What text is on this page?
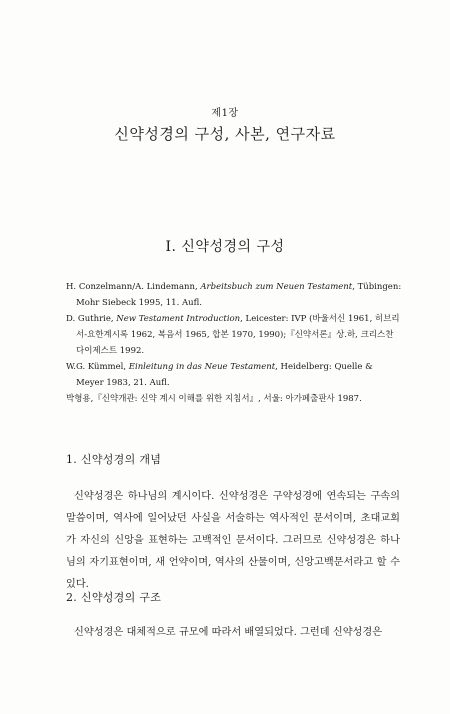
제1장
신약성경의 구성, 사본, 연구자료
I. 신약성경의 구성

H. Conzelmann/A. Lindemann, Arbeitsbuch zum Neuen Testament, Tübingen: Mohr Siebeck 1995, 11. Aufl.

D. Guthrie, New Testament Introduction, Leicester: IVP (바울서신 1961, 히브리서-요한계시록 1962, 복음서 1965, 합본 1970, 1990);『신약서론』상.하, 크리스찬 다이제스트 1992.

W.G. Kümmel, Einleitung in das Neue Testament, Heidelberg: Quelle & Meyer 1983, 21. Aufl.

박형용,『신약개관: 신약 계시 이해를 위한 지침서』, 서울: 아가페출판사 1987.

1. 신약성경의 개념

신약성경은 하나님의 계시이다. 신약성경은 구약성경에 연속되는 구속의 말씀이며, 역사에 일어났던 사실을 서술하는 역사적인 문서이며, 초대교회가 자신의 신앙을 표현하는 고백적인 문서이다. 그러므로 신약성경은 하나님의 자기표현이며, 새 언약이며, 역사의 산물이며, 신앙고백문서라고 할 수 있다.

2. 신약성경의 구조

신약성경은 대체적으로 규모에 따라서 배열되었다. 그런데 신약성경은
